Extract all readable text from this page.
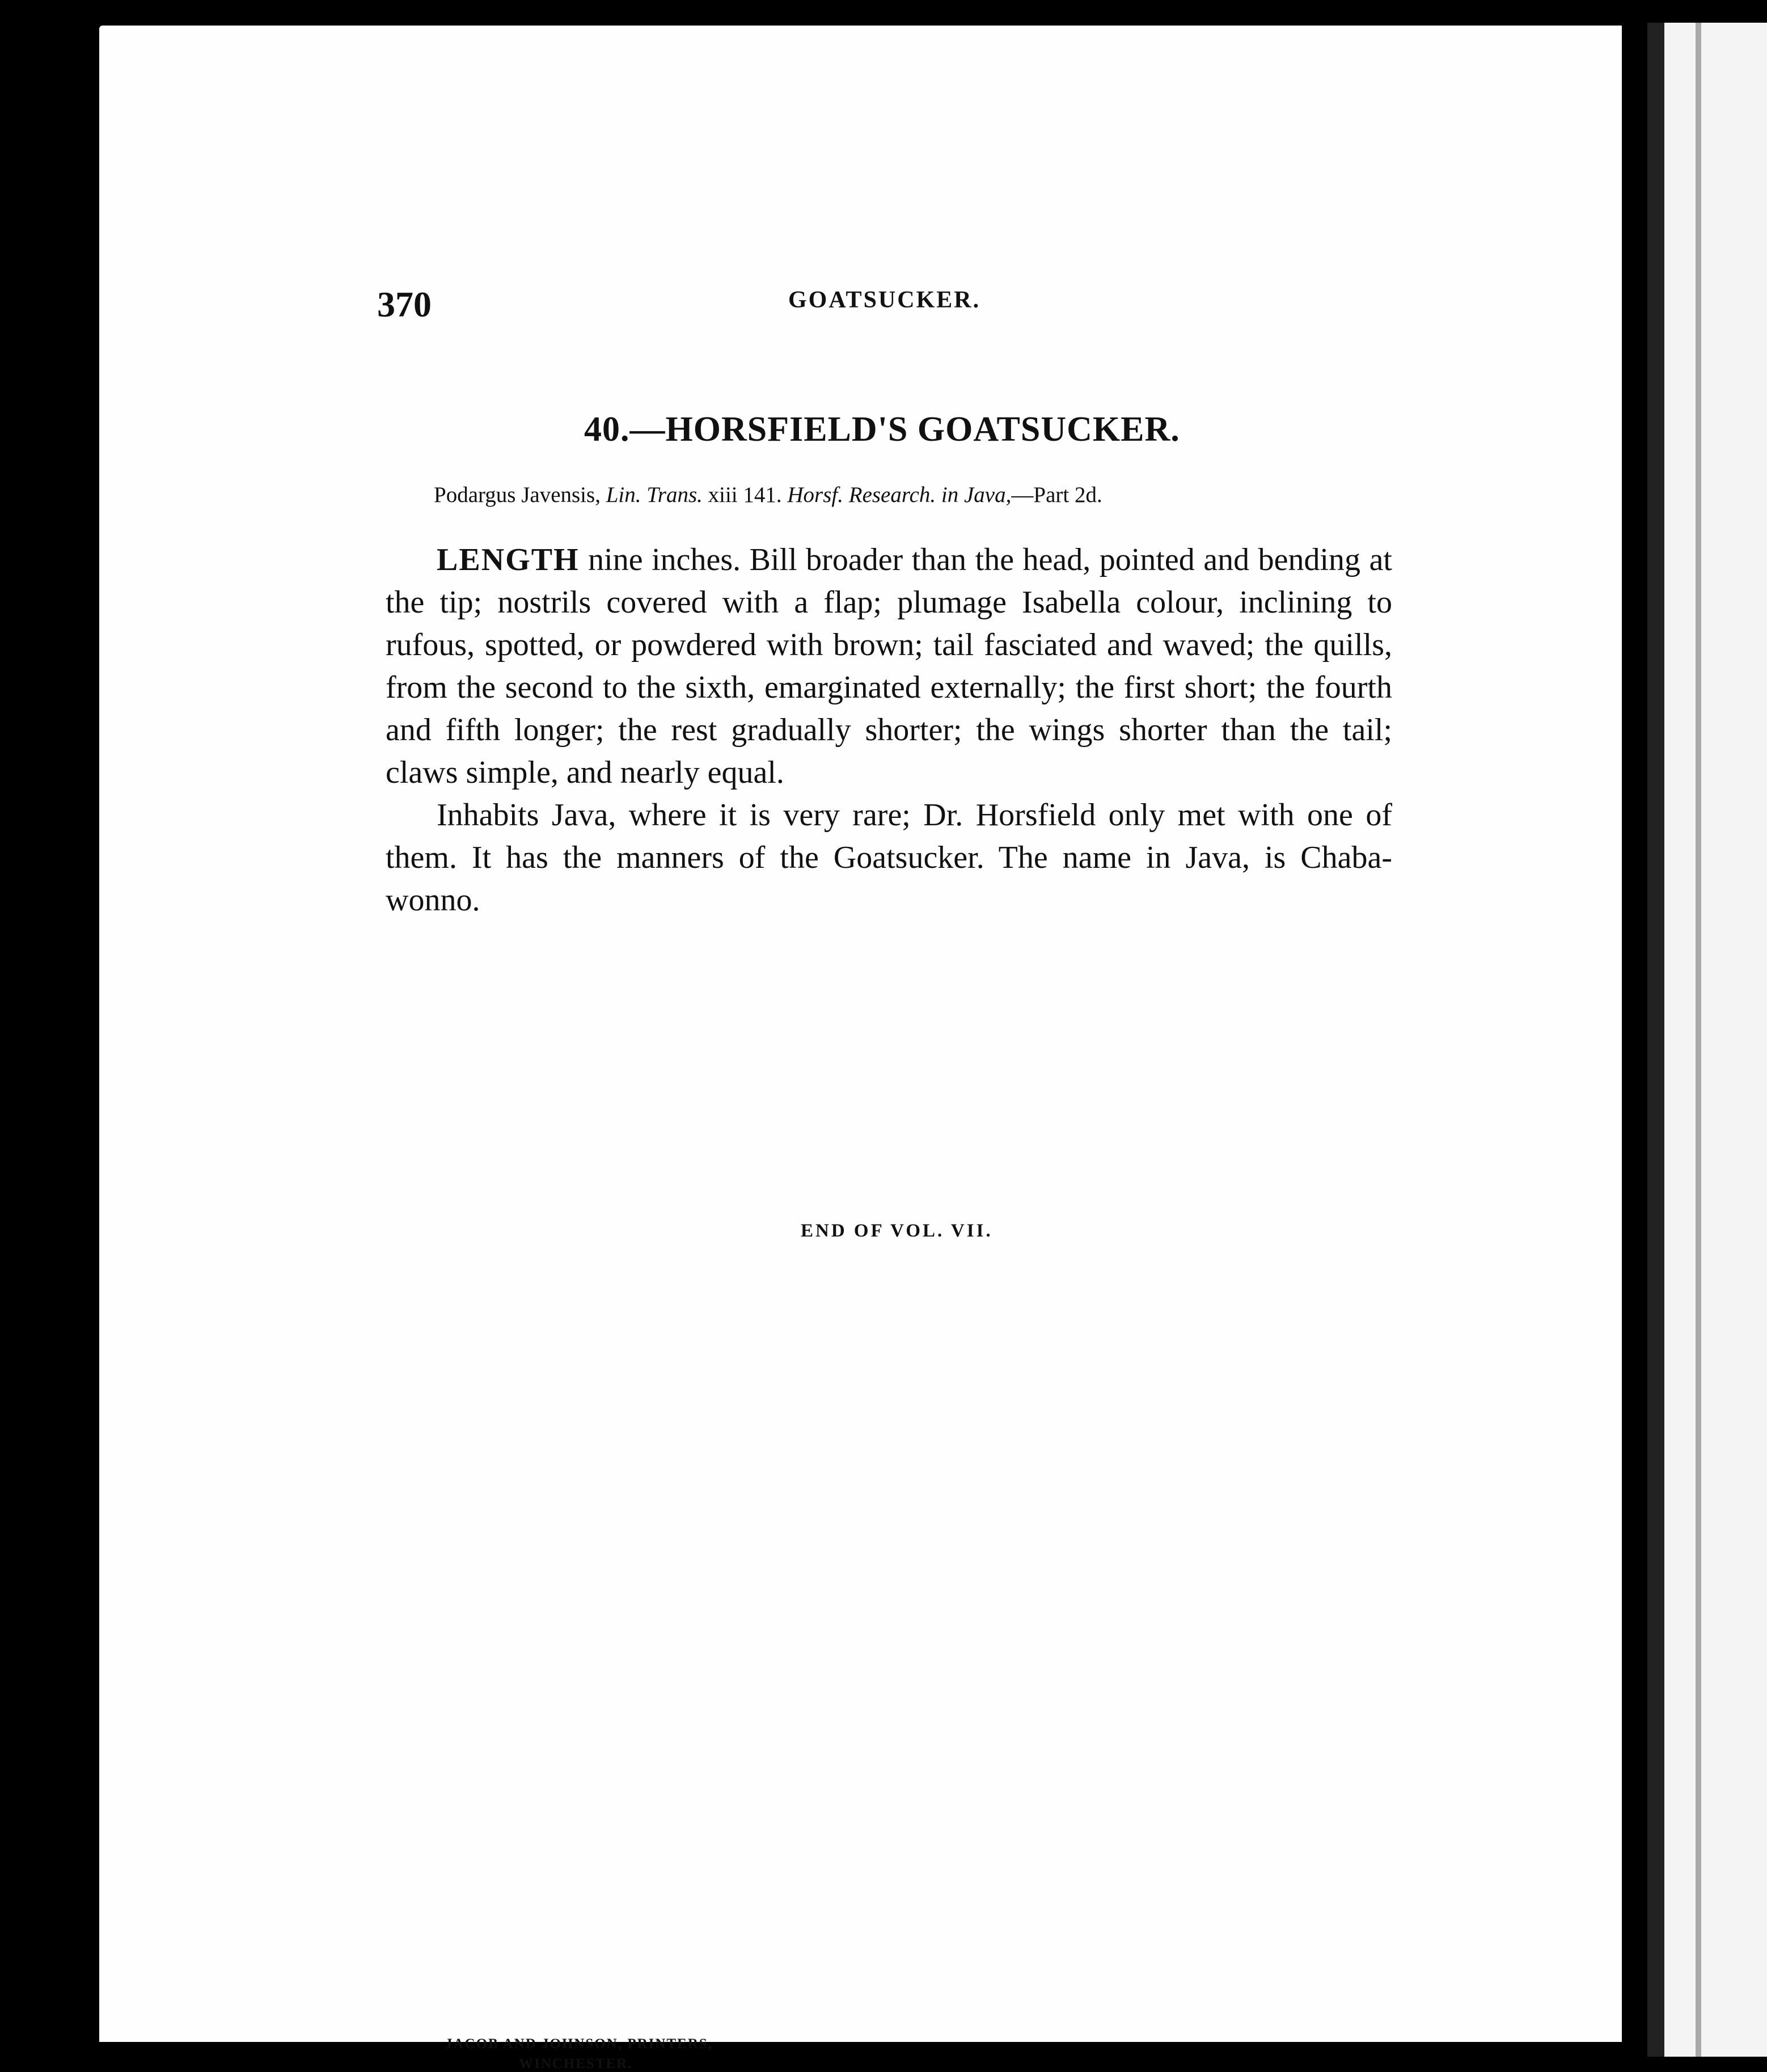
370	GOATSUCKER.
40.—HORSFIELD'S GOATSUCKER.
Podargus Javensis, Lin. Trans. xiii 141. Horsf. Research. in Java,—Part 2d.

LENGTH nine inches. Bill broader than the head, pointed and bending at the tip; nostrils covered with a flap; plumage Isabella colour, inclining to rufous, spotted, or powdered with brown; tail fasciated and waved; the quills, from the second to the sixth, emarginated externally; the first short; the fourth and fifth longer; the rest gradually shorter; the wings shorter than the tail; claws simple, and nearly equal.

Inhabits Java, where it is very rare; Dr. Horsfield only met with one of them. It has the manners of the Goatsucker. The name in Java, is Chaba-wonno.

END OF VOL. VII.
JACOB AND JOHNSON, PRINTERS,
WINCHESTER.
